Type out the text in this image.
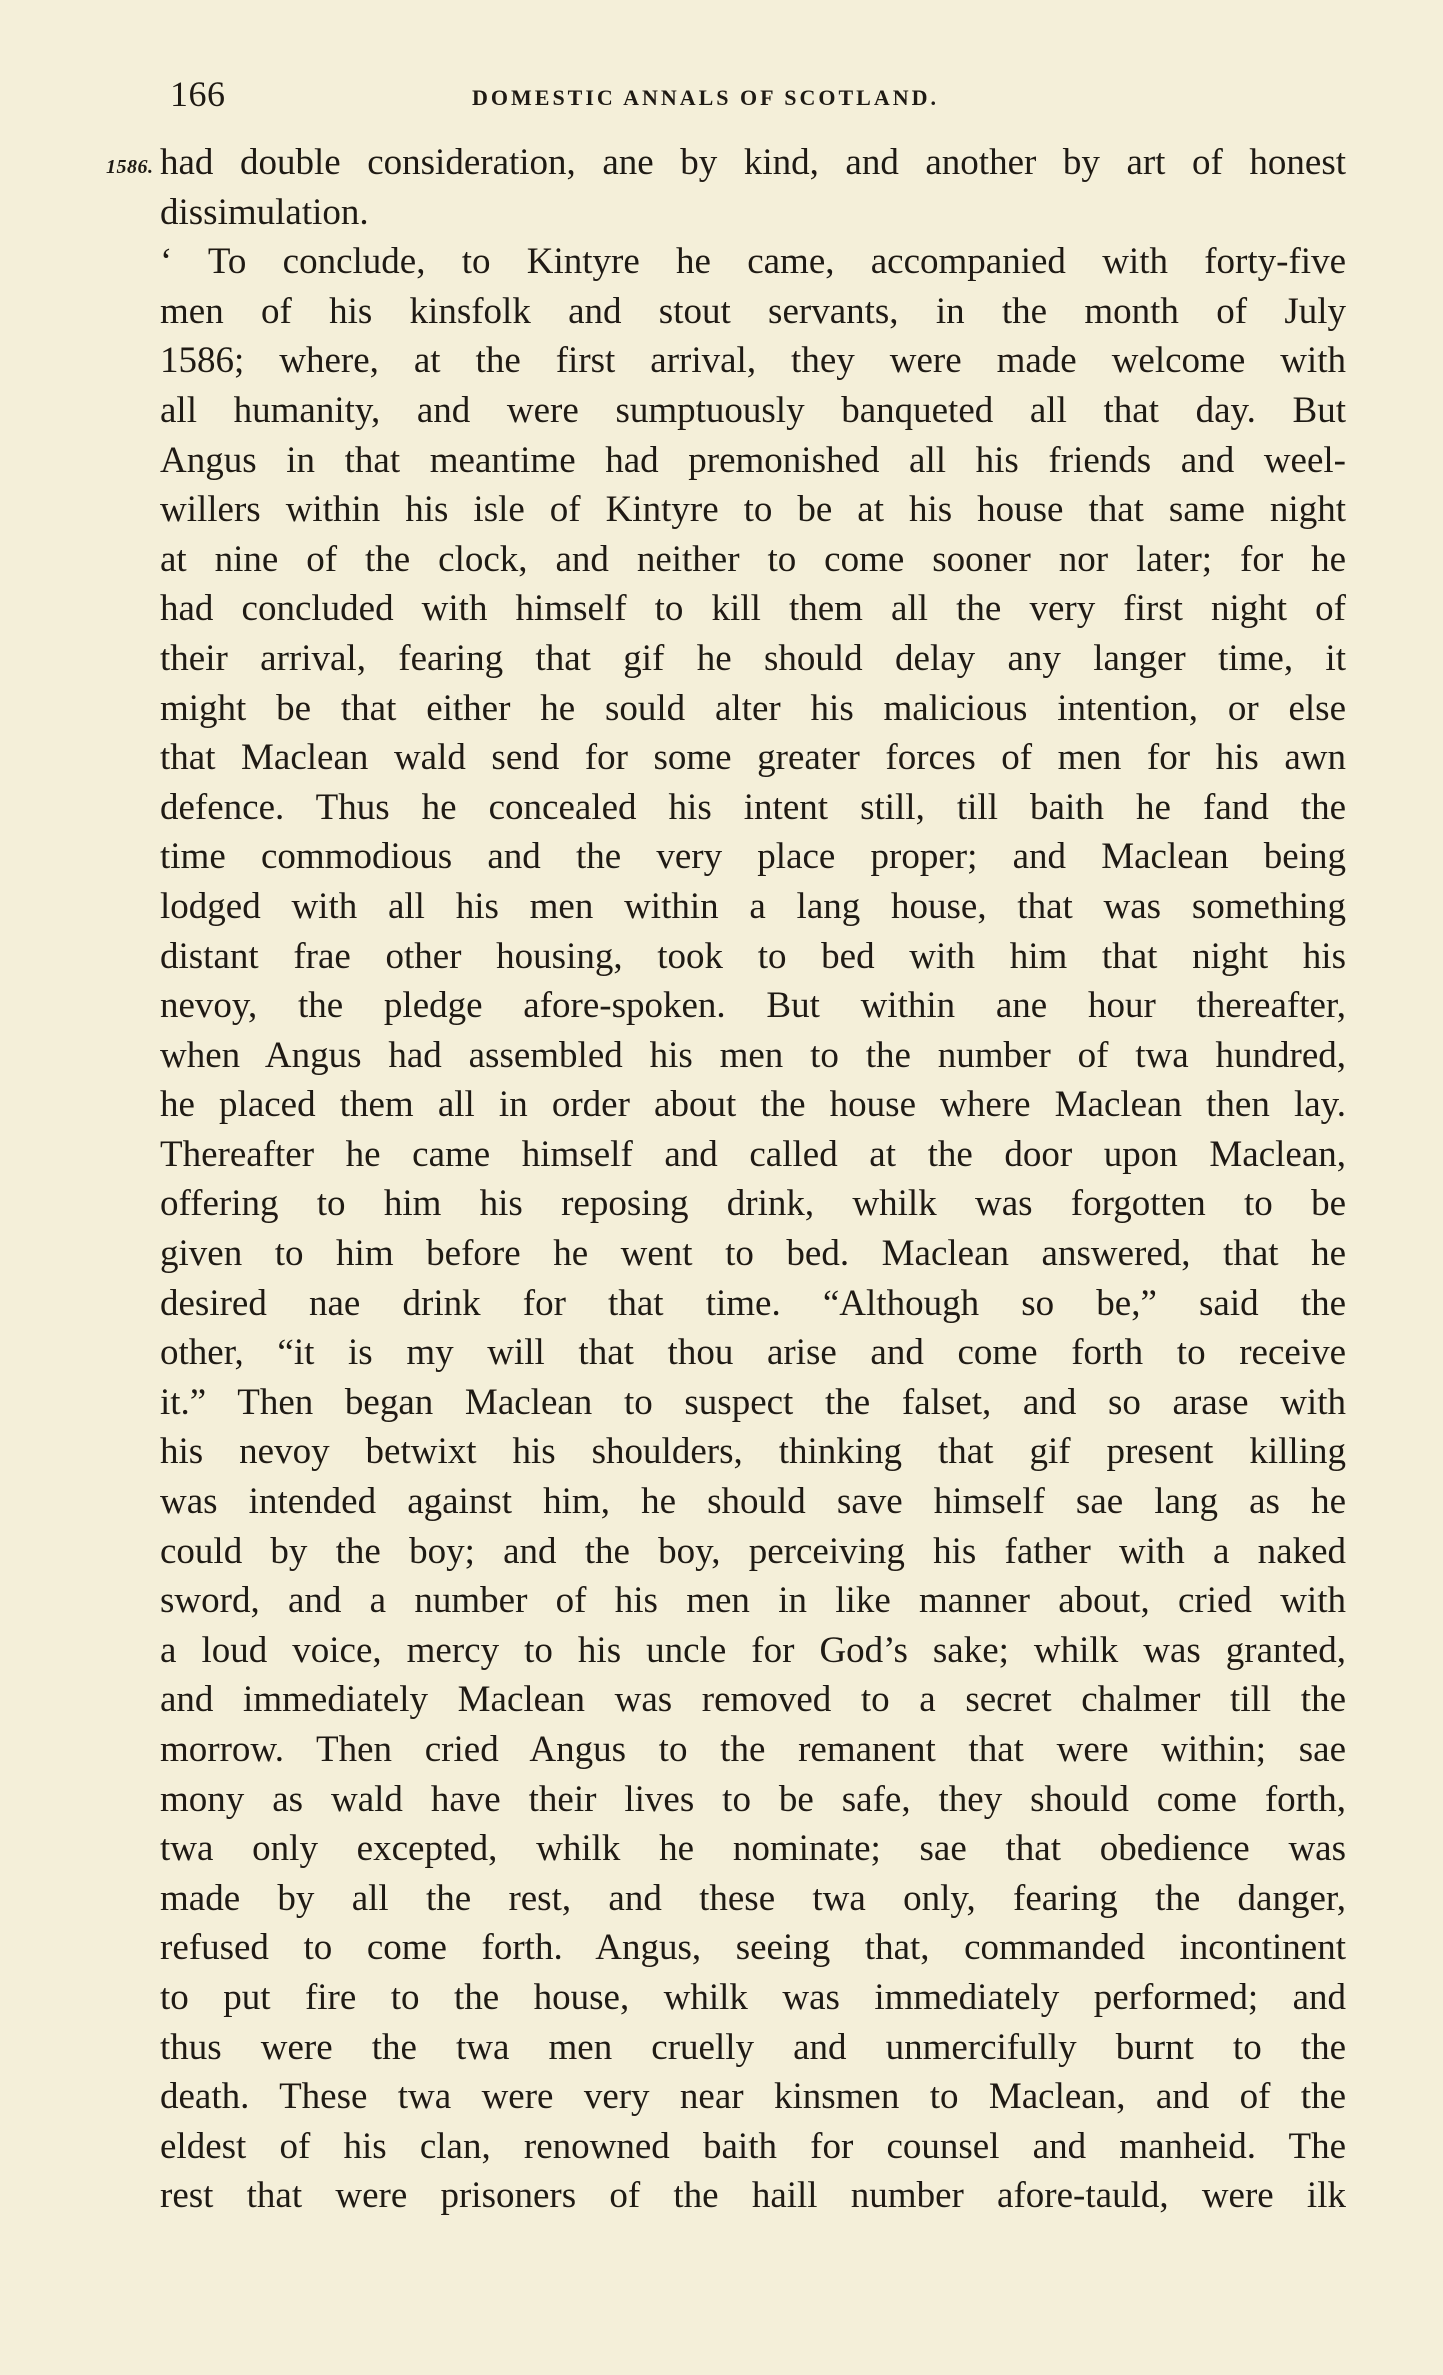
166	DOMESTIC ANNALS OF SCOTLAND.
1586. had double consideration, ane by kind, and another by art of honest
dissimulation.
‘ To conclude, to Kintyre he came, accompanied with forty-five
men of his kinsfolk and stout servants, in the month of July
1586; where, at the first arrival, they were made welcome with
all humanity, and were sumptuously banqueted all that day. But
Angus in that meantime had premonished all his friends and weel-
willers within his isle of Kintyre to be at his house that same night
at nine of the clock, and neither to come sooner nor later; for he
had concluded with himself to kill them all the very first night of
their arrival, fearing that gif he should delay any langer time, it
might be that either he sould alter his malicious intention, or else
that Maclean wald send for some greater forces of men for his awn
defence. Thus he concealed his intent still, till baith he fand the
time commodious and the very place proper; and Maclean being
lodged with all his men within a lang house, that was something
distant frae other housing, took to bed with him that night his
nevoy, the pledge afore-spoken. But within ane hour thereafter,
when Angus had assembled his men to the number of twa hundred,
he placed them all in order about the house where Maclean then lay.
Thereafter he came himself and called at the door upon Maclean,
offering to him his reposing drink, whilk was forgotten to be
given to him before he went to bed. Maclean answered, that he
desired nae drink for that time. “Although so be,” said the
other, “it is my will that thou arise and come forth to receive
it.” Then began Maclean to suspect the falset, and so arase with
his nevoy betwixt his shoulders, thinking that gif present killing
was intended against him, he should save himself sae lang as he
could by the boy; and the boy, perceiving his father with a naked
sword, and a number of his men in like manner about, cried with
a loud voice, mercy to his uncle for God’s sake; whilk was granted,
and immediately Maclean was removed to a secret chalmer till the
morrow. Then cried Angus to the remanent that were within; sae
mony as wald have their lives to be safe, they should come forth,
twa only excepted, whilk he nominate; sae that obedience was
made by all the rest, and these twa only, fearing the danger,
refused to come forth. Angus, seeing that, commanded incontinent
to put fire to the house, whilk was immediately performed; and
thus were the twa men cruelly and unmercifully burnt to the
death. These twa were very near kinsmen to Maclean, and of the
eldest of his clan, renowned baith for counsel and manheid. The
rest that were prisoners of the haill number afore-tauld, were ilk
